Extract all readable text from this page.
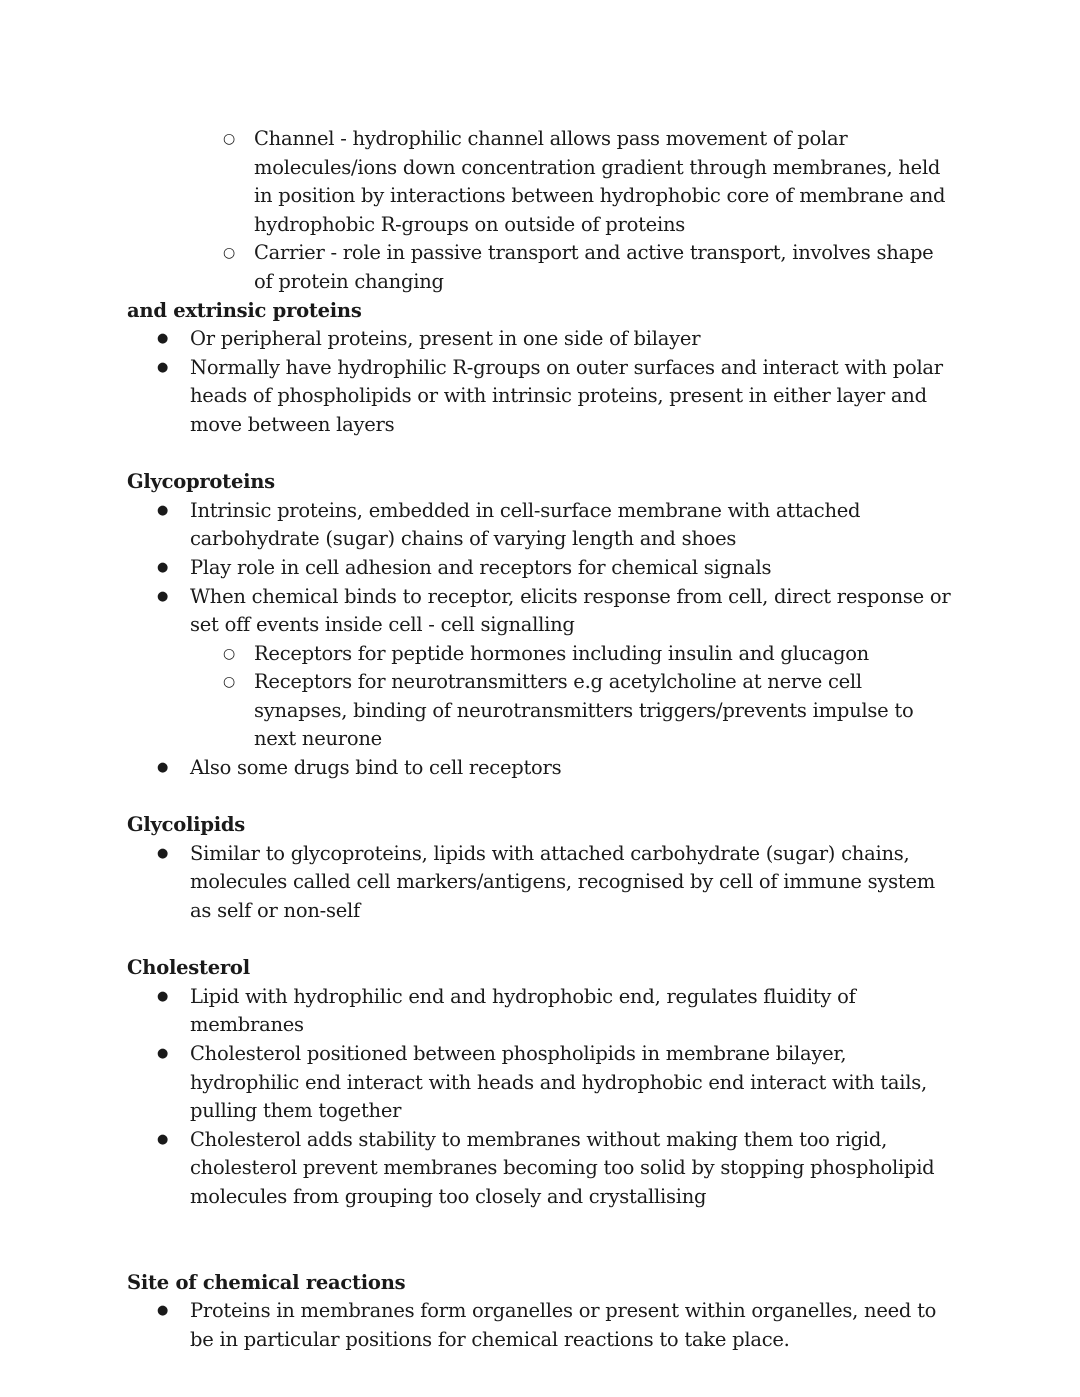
○ Channel - hydrophilic channel allows pass movement of polar molecules/ions down concentration gradient through membranes, held in position by interactions between hydrophobic core of membrane and hydrophobic R-groups on outside of proteins
○ Carrier - role in passive transport and active transport, involves shape of protein changing

and extrinsic proteins

● Or peripheral proteins, present in one side of bilayer
● Normally have hydrophilic R-groups on outer surfaces and interact with polar heads of phospholipids or with intrinsic proteins, present in either layer and move between layers

Glycoproteins

● Intrinsic proteins, embedded in cell-surface membrane with attached carbohydrate (sugar) chains of varying length and shoes
● Play role in cell adhesion and receptors for chemical signals
● When chemical binds to receptor, elicits response from cell, direct response or set off events inside cell - cell signalling
○ Receptors for peptide hormones including insulin and glucagon
○ Receptors for neurotransmitters e.g acetylcholine at nerve cell synapses, binding of neurotransmitters triggers/prevents impulse to next neurone
● Also some drugs bind to cell receptors

Glycolipids

● Similar to glycoproteins, lipids with attached carbohydrate (sugar) chains, molecules called cell markers/antigens, recognised by cell of immune system as self or non-self

Cholesterol

● Lipid with hydrophilic end and hydrophobic end, regulates fluidity of membranes
● Cholesterol positioned between phospholipids in membrane bilayer, hydrophilic end interact with heads and hydrophobic end interact with tails, pulling them together
● Cholesterol adds stability to membranes without making them too rigid, cholesterol prevent membranes becoming too solid by stopping phospholipid molecules from grouping too closely and crystallising

Site of chemical reactions

● Proteins in membranes form organelles or present within organelles, need to be in particular positions for chemical reactions to take place.
